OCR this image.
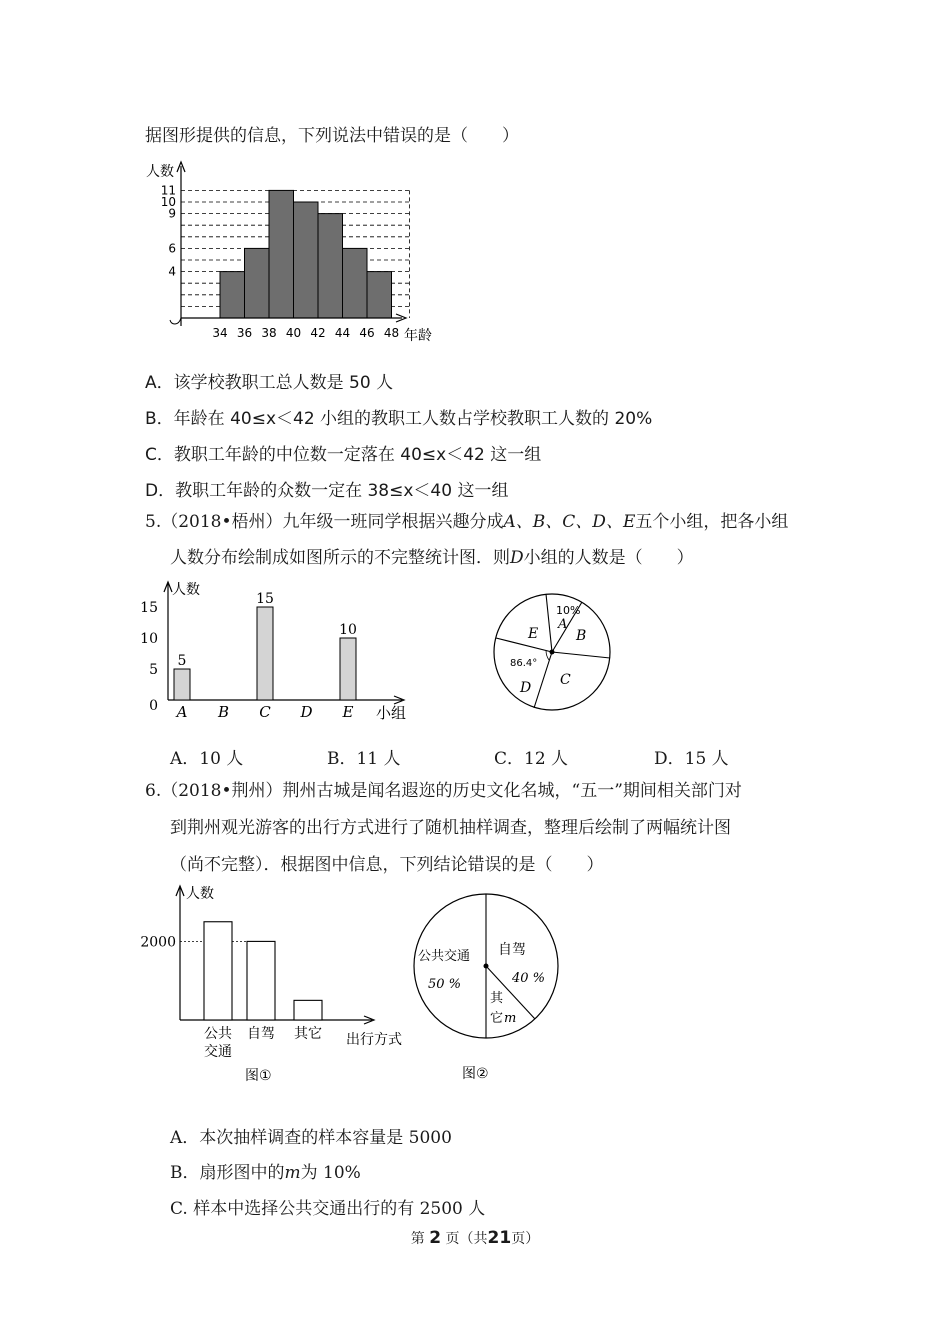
据图形提供的信息，下列说法中错误的是（　　）
人数
年龄
4
6
9
10
11
34 36 38 40 42 44 46 48
A．该学校教职工总人数是 50 人
B．年龄在 40≤x＜42 小组的教职工人数占学校教职工人数的 20%
C．教职工年龄的中位数一定落在 40≤x＜42 这一组
D．教职工年龄的众数一定在 38≤x＜40 这一组
5.（2018•梧州）九年级一班同学根据兴趣分成A、B、C、D、E五个小组，把各小组
人数分布绘制成如图所示的不完整统计图．则D小组的人数是（　　）
人数
小组
0
5
10
15
5
15
10
A B C D E
10%
A
B
C
D
E
86.4°
A．10 人	B．11 人	C．12 人	D．15 人
6.（2018•荆州）荆州古城是闻名遐迩的历史文化名城，“五一”期间相关部门对
到荆州观光游客的出行方式进行了随机抽样调查，整理后绘制了两幅统计图
（尚不完整）．根据图中信息，下列结论错误的是（　　）
人数
出行方式
2000
公共
交通
自驾 其它
图①
公共交通
50 %
自驾
40 %
其
它 m
图②
A．本次抽样调查的样本容量是 5000
B．扇形图中的m为 10%
C. 样本中选择公共交通出行的有 2500 人
第 2 页（共21页）
